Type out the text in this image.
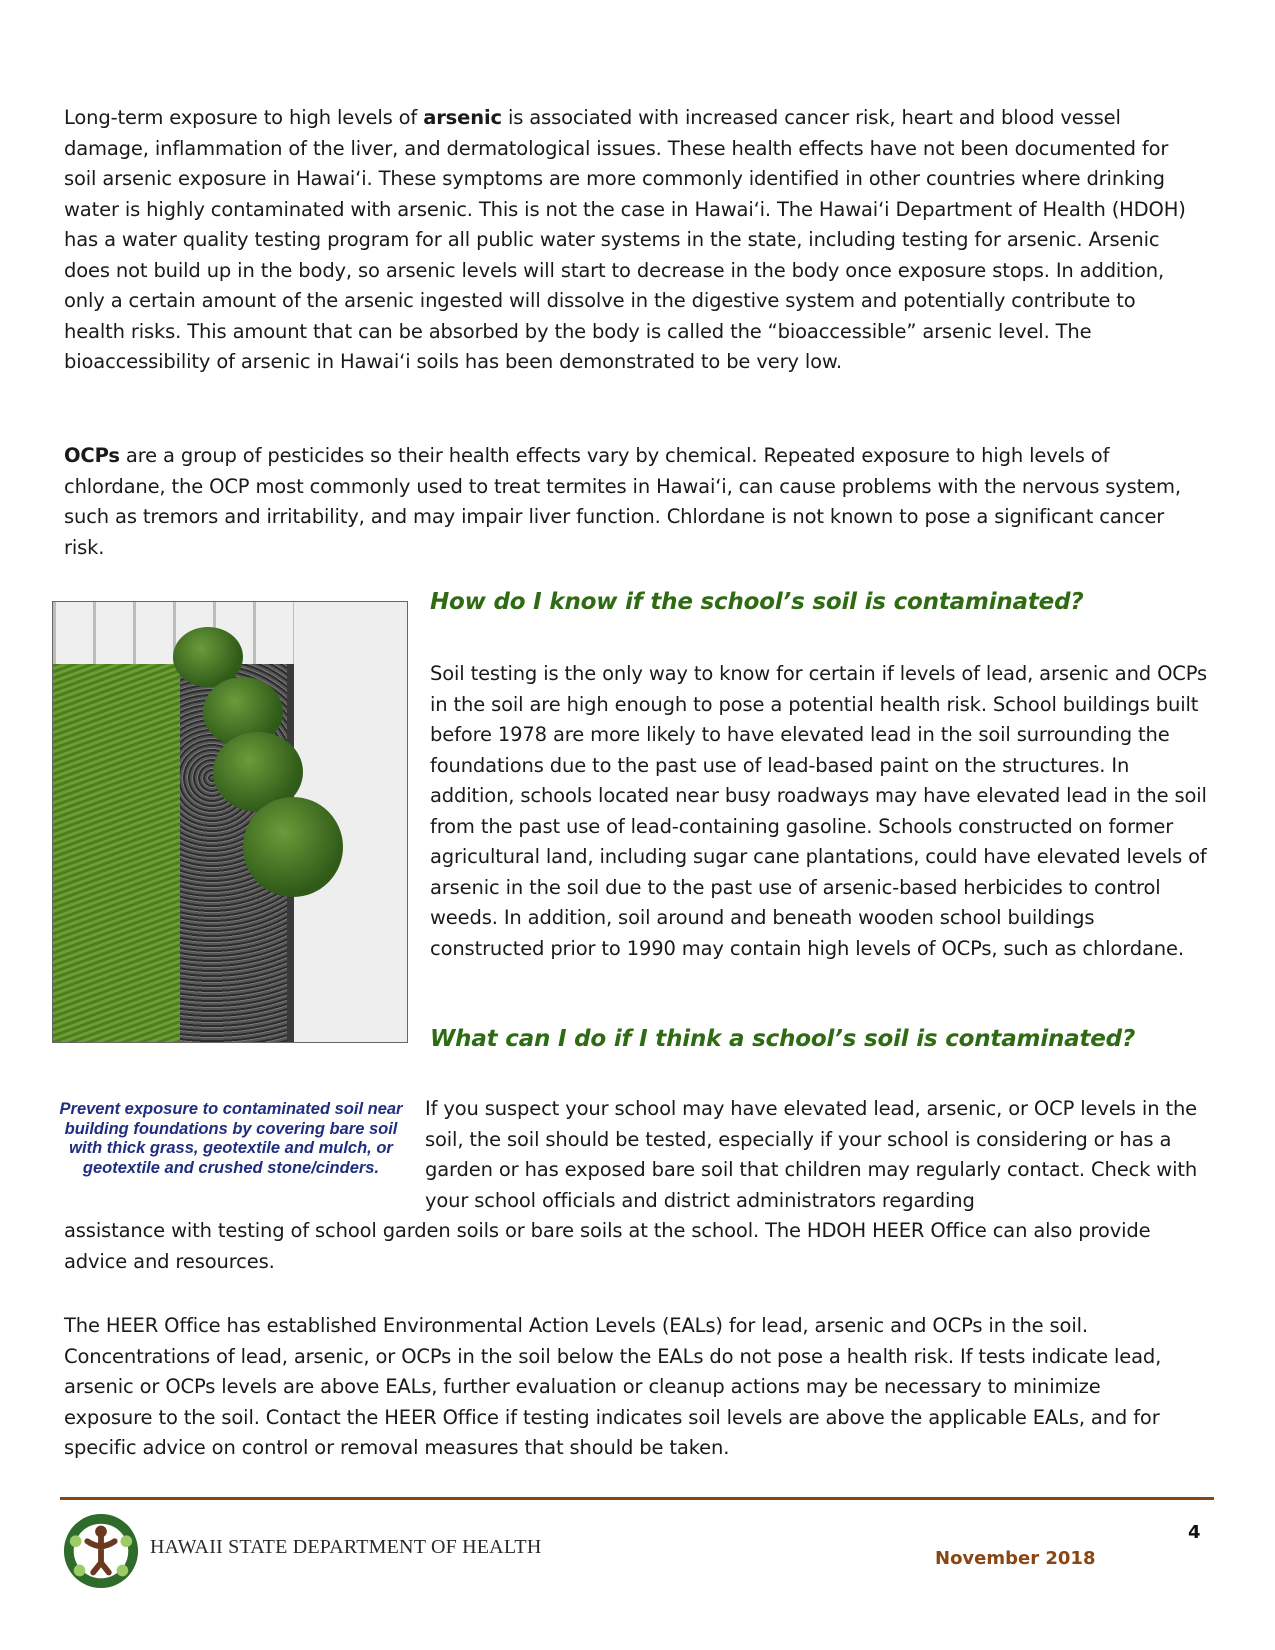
Long-term exposure to high levels of arsenic is associated with increased cancer risk, heart and blood vessel damage, inflammation of the liver, and dermatological issues. These health effects have not been documented for soil arsenic exposure in Hawaiʻi. These symptoms are more commonly identified in other countries where drinking water is highly contaminated with arsenic. This is not the case in Hawaiʻi. The Hawaiʻi Department of Health (HDOH) has a water quality testing program for all public water systems in the state, including testing for arsenic. Arsenic does not build up in the body, so arsenic levels will start to decrease in the body once exposure stops. In addition, only a certain amount of the arsenic ingested will dissolve in the digestive system and potentially contribute to health risks. This amount that can be absorbed by the body is called the “bioaccessible” arsenic level. The bioaccessibility of arsenic in Hawaiʻi soils has been demonstrated to be very low.

OCPs are a group of pesticides so their health effects vary by chemical. Repeated exposure to high levels of chlordane, the OCP most commonly used to treat termites in Hawaiʻi, can cause problems with the nervous system, such as tremors and irritability, and may impair liver function. Chlordane is not known to pose a significant cancer risk.

How do I know if the school’s soil is contaminated?

Soil testing is the only way to know for certain if levels of lead, arsenic and OCPs in the soil are high enough to pose a potential health risk. School buildings built before 1978 are more likely to have elevated lead in the soil surrounding the foundations due to the past use of lead-based paint on the structures. In addition, schools located near busy roadways may have elevated lead in the soil from the past use of lead-containing gasoline. Schools constructed on former agricultural land, including sugar cane plantations, could have elevated levels of arsenic in the soil due to the past use of arsenic-based herbicides to control weeds. In addition, soil around and beneath wooden school buildings constructed prior to 1990 may contain high levels of OCPs, such as chlordane.

What can I do if I think a school’s soil is contaminated?

Prevent exposure to contaminated soil near building foundations by covering bare soil with thick grass, geotextile and mulch, or geotextile and crushed stone/cinders.

If you suspect your school may have elevated lead, arsenic, or OCP levels in the soil, the soil should be tested, especially if your school is considering or has a garden or has exposed bare soil that children may regularly contact. Check with your school officials and district administrators regarding

assistance with testing of school garden soils or bare soils at the school. The HDOH HEER Office can also provide advice and resources.

The HEER Office has established Environmental Action Levels (EALs) for lead, arsenic and OCPs in the soil. Concentrations of lead, arsenic, or OCPs in the soil below the EALs do not pose a health risk. If tests indicate lead, arsenic or OCPs levels are above EALs, further evaluation or cleanup actions may be necessary to minimize exposure to the soil. Contact the HEER Office if testing indicates soil levels are above the applicable EALs, and for specific advice on control or removal measures that should be taken.

HAWAII STATE DEPARTMENT OF HEALTH

4

November 2018
